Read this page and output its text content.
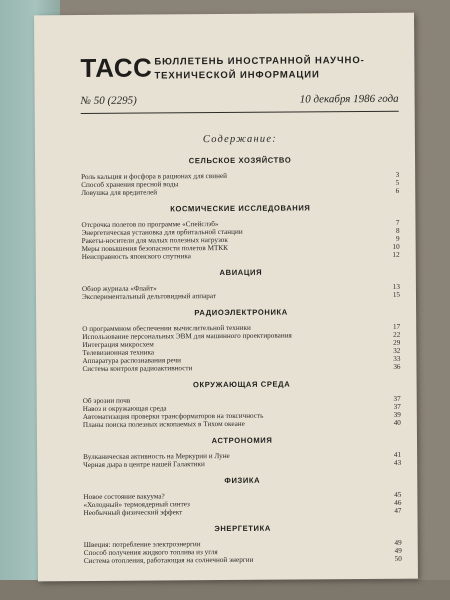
ТАСС БЮЛЛЕТЕНЬ ИНОСТРАННОЙ НАУЧНО-
ТЕХНИЧЕСКОЙ ИНФОРМАЦИИ
№ 50 (2295)	10 декабря 1986 года
Содержание:
СЕЛЬСКОЕ ХОЗЯЙСТВО
Роль кальция и фосфора в рационах для свиней	3
Способ хранения пресной воды	5
Ловушка для вредителей	6
КОСМИЧЕСКИЕ ИССЛЕДОВАНИЯ
Отсрочка полетов по программе «Спейслэб»	7
Энергетическая установка для орбитальной станции	8
Ракеты-носители для малых полезных нагрузок	9
Меры повышения безопасности полетов МТКК	10
Неисправность японского спутника	12
АВИАЦИЯ
Обзор журнала «Флайт»	13
Экспериментальный дельтовидный аппарат	15
РАДИОЭЛЕКТРОНИКА
О программном обеспечении вычислительной техники	17
Использование персональных ЭВМ для машинного проектирования	22
Интеграция микросхем	29
Телевизионная техника	32
Аппаратура распознавания речи	33
Система контроля радиоактивности	36
ОКРУЖАЮЩАЯ СРЕДА
Об эрозии почв	37
Навоз и окружающая среда	37
Автоматизация проверки трансформаторов на токсичность	39
Планы поиска полезных ископаемых в Тихом океане	40
АСТРОНОМИЯ
Вулканическая активность на Меркурии и Луне	41
Черная дыра в центре нашей Галактики	43
ФИЗИКА
Новое состояние вакуума?	45
«Холодный» термоядерный синтез	46
Необычный физический эффект	47
ЭНЕРГЕТИКА
Швеция: потребление электроэнергии	49
Способ получения жидкого топлива из угля	49
Система отопления, работающая на солнечной энергии	50
